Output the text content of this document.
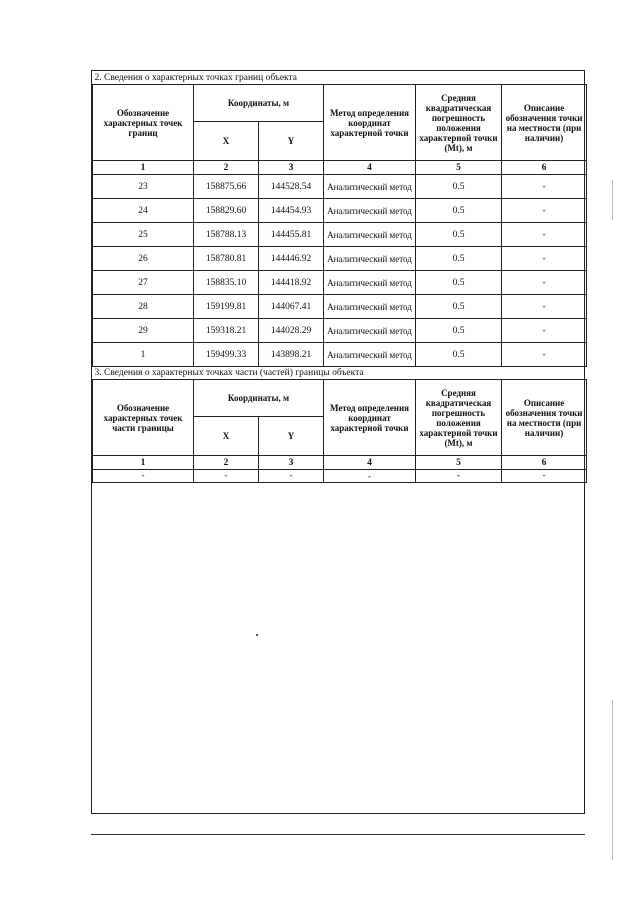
2. Сведения о характерных точках границ объекта					
Обозначение характерных точек границ	Координаты, м		Метод определения координат характерной точки	Средняя квадратическая погрешность положения характерной точки (Mt), м	Описание обозначения точки на местности (при наличии)
	X	Y			
1	2	3	4	5	6
23	158875.66	144528.54	Аналитический метод	0.5	-
24	158829.60	144454.93	Аналитический метод	0.5	-
25	158788.13	144455.81	Аналитический метод	0.5	-
26	158780.81	144446.92	Аналитический метод	0.5	-
27	158835.10	144418.92	Аналитический метод	0.5	-
28	159199.81	144067.41	Аналитический метод	0.5	-
29	159318.21	144028.29	Аналитический метод	0.5	-
1	159499.33	143898.21	Аналитический метод	0.5	-
3. Сведения о характерных точках части (частей) границы объекта					
Обозначение характерных точек части границы	Координаты, м		Метод определения координат характерной точки	Средняя квадратическая погрешность положения характерной точки (Mt), м	Описание обозначения точки на местности (при наличии)
	X	Y			
1	2	3	4	5	6
-	-	-	-	-	-
